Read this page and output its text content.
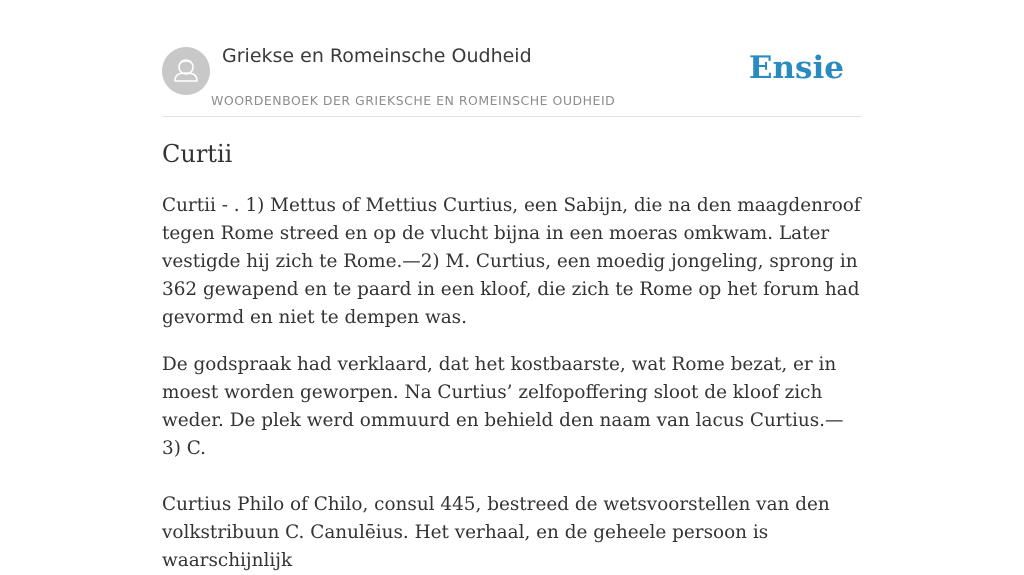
Griekse en Romeinsche Oudheid
WOORDENBOEK DER GRIEKSCHE EN ROMEINSCHE OUDHEID
Ensie
Curtii

Curtii - . 1) Mettus of Mettius Curtius, een Sabijn, die na den maagdenroof tegen Rome streed en op de vlucht bijna in een moeras omkwam. Later vestigde hij zich te Rome.—2) M. Curtius, een moedig jongeling, sprong in 362 gewapend en te paard in een kloof, die zich te Rome op het forum had gevormd en niet te dempen was.

De godspraak had verklaard, dat het kostbaarste, wat Rome bezat, er in moest worden geworpen. Na Curtius’ zelfopoffering sloot de kloof zich weder. De plek werd ommuurd en behield den naam van lacus Curtius.—3) C.

Curtius Philo of Chilo, consul 445, bestreed de wetsvoorstellen van den volkstribuun C. Canulēius. Het verhaal, en de geheele persoon is waarschijnlijk
